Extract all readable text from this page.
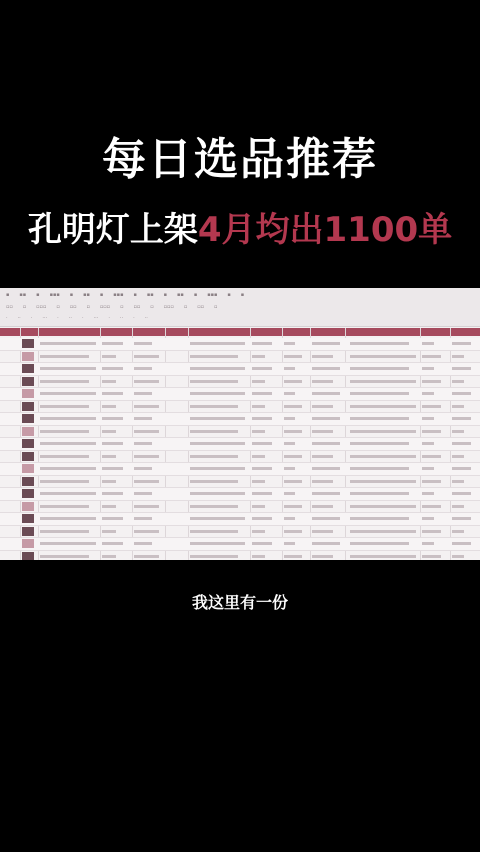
每日选品推荐
孔明灯上架4月均出1100单
▪ ▪▪ ▪ ▪▪▪ ▪ ▪▪ ▪ ▪▪▪ ▪ ▪▪ ▪ ▪▪ ▪ ▪▪▪ ▪ ▪
▫▫ ▫ ▫▫▫ ▫ ▫▫ ▫ ▫▫▫ ▫ ▫▫ ▫ ▫▫▫ ▫ ▫▫ ▫
· ·· · ··· · ·· · ··· · ·· · ··
我这里有一份
